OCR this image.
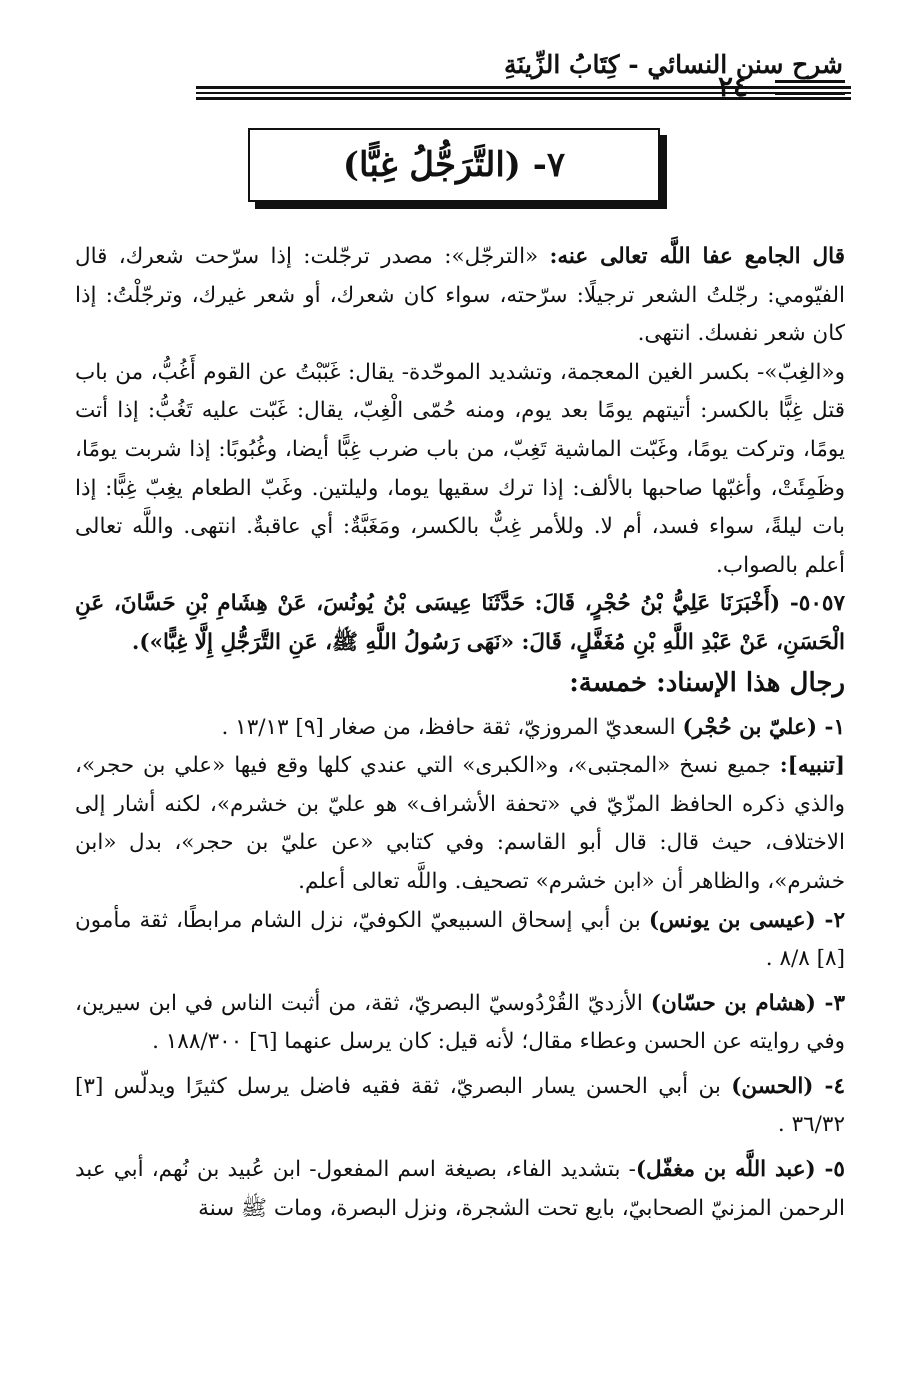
شرح سنن النسائي - كِتَابُ الزِّينَةِ
٢٤
٧- (التَّرَجُّلُ غِبًّا)

قال الجامع عفا اللَّه تعالى عنه: «الترجّل»: مصدر ترجّلت: إذا سرّحت شعرك، قال الفيّومي: رجّلتُ الشعر ترجيلًا: سرّحته، سواء كان شعرك، أو شعر غيرك، وترجّلْتُ: إذا كان شعر نفسك. انتهى.

و«الغِبّ»- بكسر الغين المعجمة، وتشديد الموحّدة- يقال: غَبّبْتُ عن القوم أَغُبُّ، من باب قتل غِبًّا بالكسر: أتيتهم يومًا بعد يوم، ومنه حُمّى الْغِبّ، يقال: غَبّت عليه تَغُبُّ: إذا أتت يومًا، وتركت يومًا، وغَبّت الماشية تَغِبّ، من باب ضرب غِبًّا أيضا، وغُبُوبًا: إذا شربت يومًا، وظَمِئَتْ، وأغبّها صاحبها بالألف: إذا ترك سقيها يوما، وليلتين. وغَبّ الطعام يغِبّ غِبًّا: إذا بات ليلةً، سواء فسد، أم لا. وللأمر غِبٌّ بالكسر، ومَغَبَّةٌ: أي عاقبةٌ. انتهى. واللَّه تعالى أعلم بالصواب.

٥٠٥٧- (أَخْبَرَنَا عَلِيُّ بْنُ حُجْرٍ، قَالَ: حَدَّثَنَا عِيسَى بْنُ يُونُسَ، عَنْ هِشَامِ بْنِ حَسَّانَ، عَنِ الْحَسَنِ، عَنْ عَبْدِ اللَّهِ بْنِ مُغَفَّلٍ، قَالَ: «نَهَى رَسُولُ اللَّهِ ﷺ، عَنِ التَّرَجُّلِ إِلَّا غِبًّا»).

رجال هذا الإسناد: خمسة:

١- (عليّ بن حُجْر) السعديّ المروزيّ، ثقة حافظ، من صغار [٩] ١٣/١٣ .

[تنبيه]: جميع نسخ «المجتبى»، و«الكبرى» التي عندي كلها وقع فيها «علي بن حجر»، والذي ذكره الحافظ المزّيّ في «تحفة الأشراف» هو عليّ بن خشرم»، لكنه أشار إلى الاختلاف، حيث قال: قال أبو القاسم: وفي كتابي «عن عليّ بن حجر»، بدل «ابن خشرم»، والظاهر أن «ابن خشرم» تصحيف. واللَّه تعالى أعلم.

٢- (عيسى بن يونس) بن أبي إسحاق السبيعيّ الكوفيّ، نزل الشام مرابطًا، ثقة مأمون [٨] ٨/٨ .

٣- (هشام بن حسّان) الأزديّ القُرْدُوسيّ البصريّ، ثقة، من أثبت الناس في ابن سيرين، وفي روايته عن الحسن وعطاء مقال؛ لأنه قيل: كان يرسل عنهما [٦] ١٨٨/٣٠٠ .

٤- (الحسن) بن أبي الحسن يسار البصريّ، ثقة فقيه فاضل يرسل كثيرًا ويدلّس [٣] ٣٦/٣٢ .

٥- (عبد اللَّه بن مغفّل)- بتشديد الفاء، بصيغة اسم المفعول- ابن عُبيد بن نُهم، أبي عبد الرحمن المزنيّ الصحابيّ، بايع تحت الشجرة، ونزل البصرة، ومات ﷺ سنة
